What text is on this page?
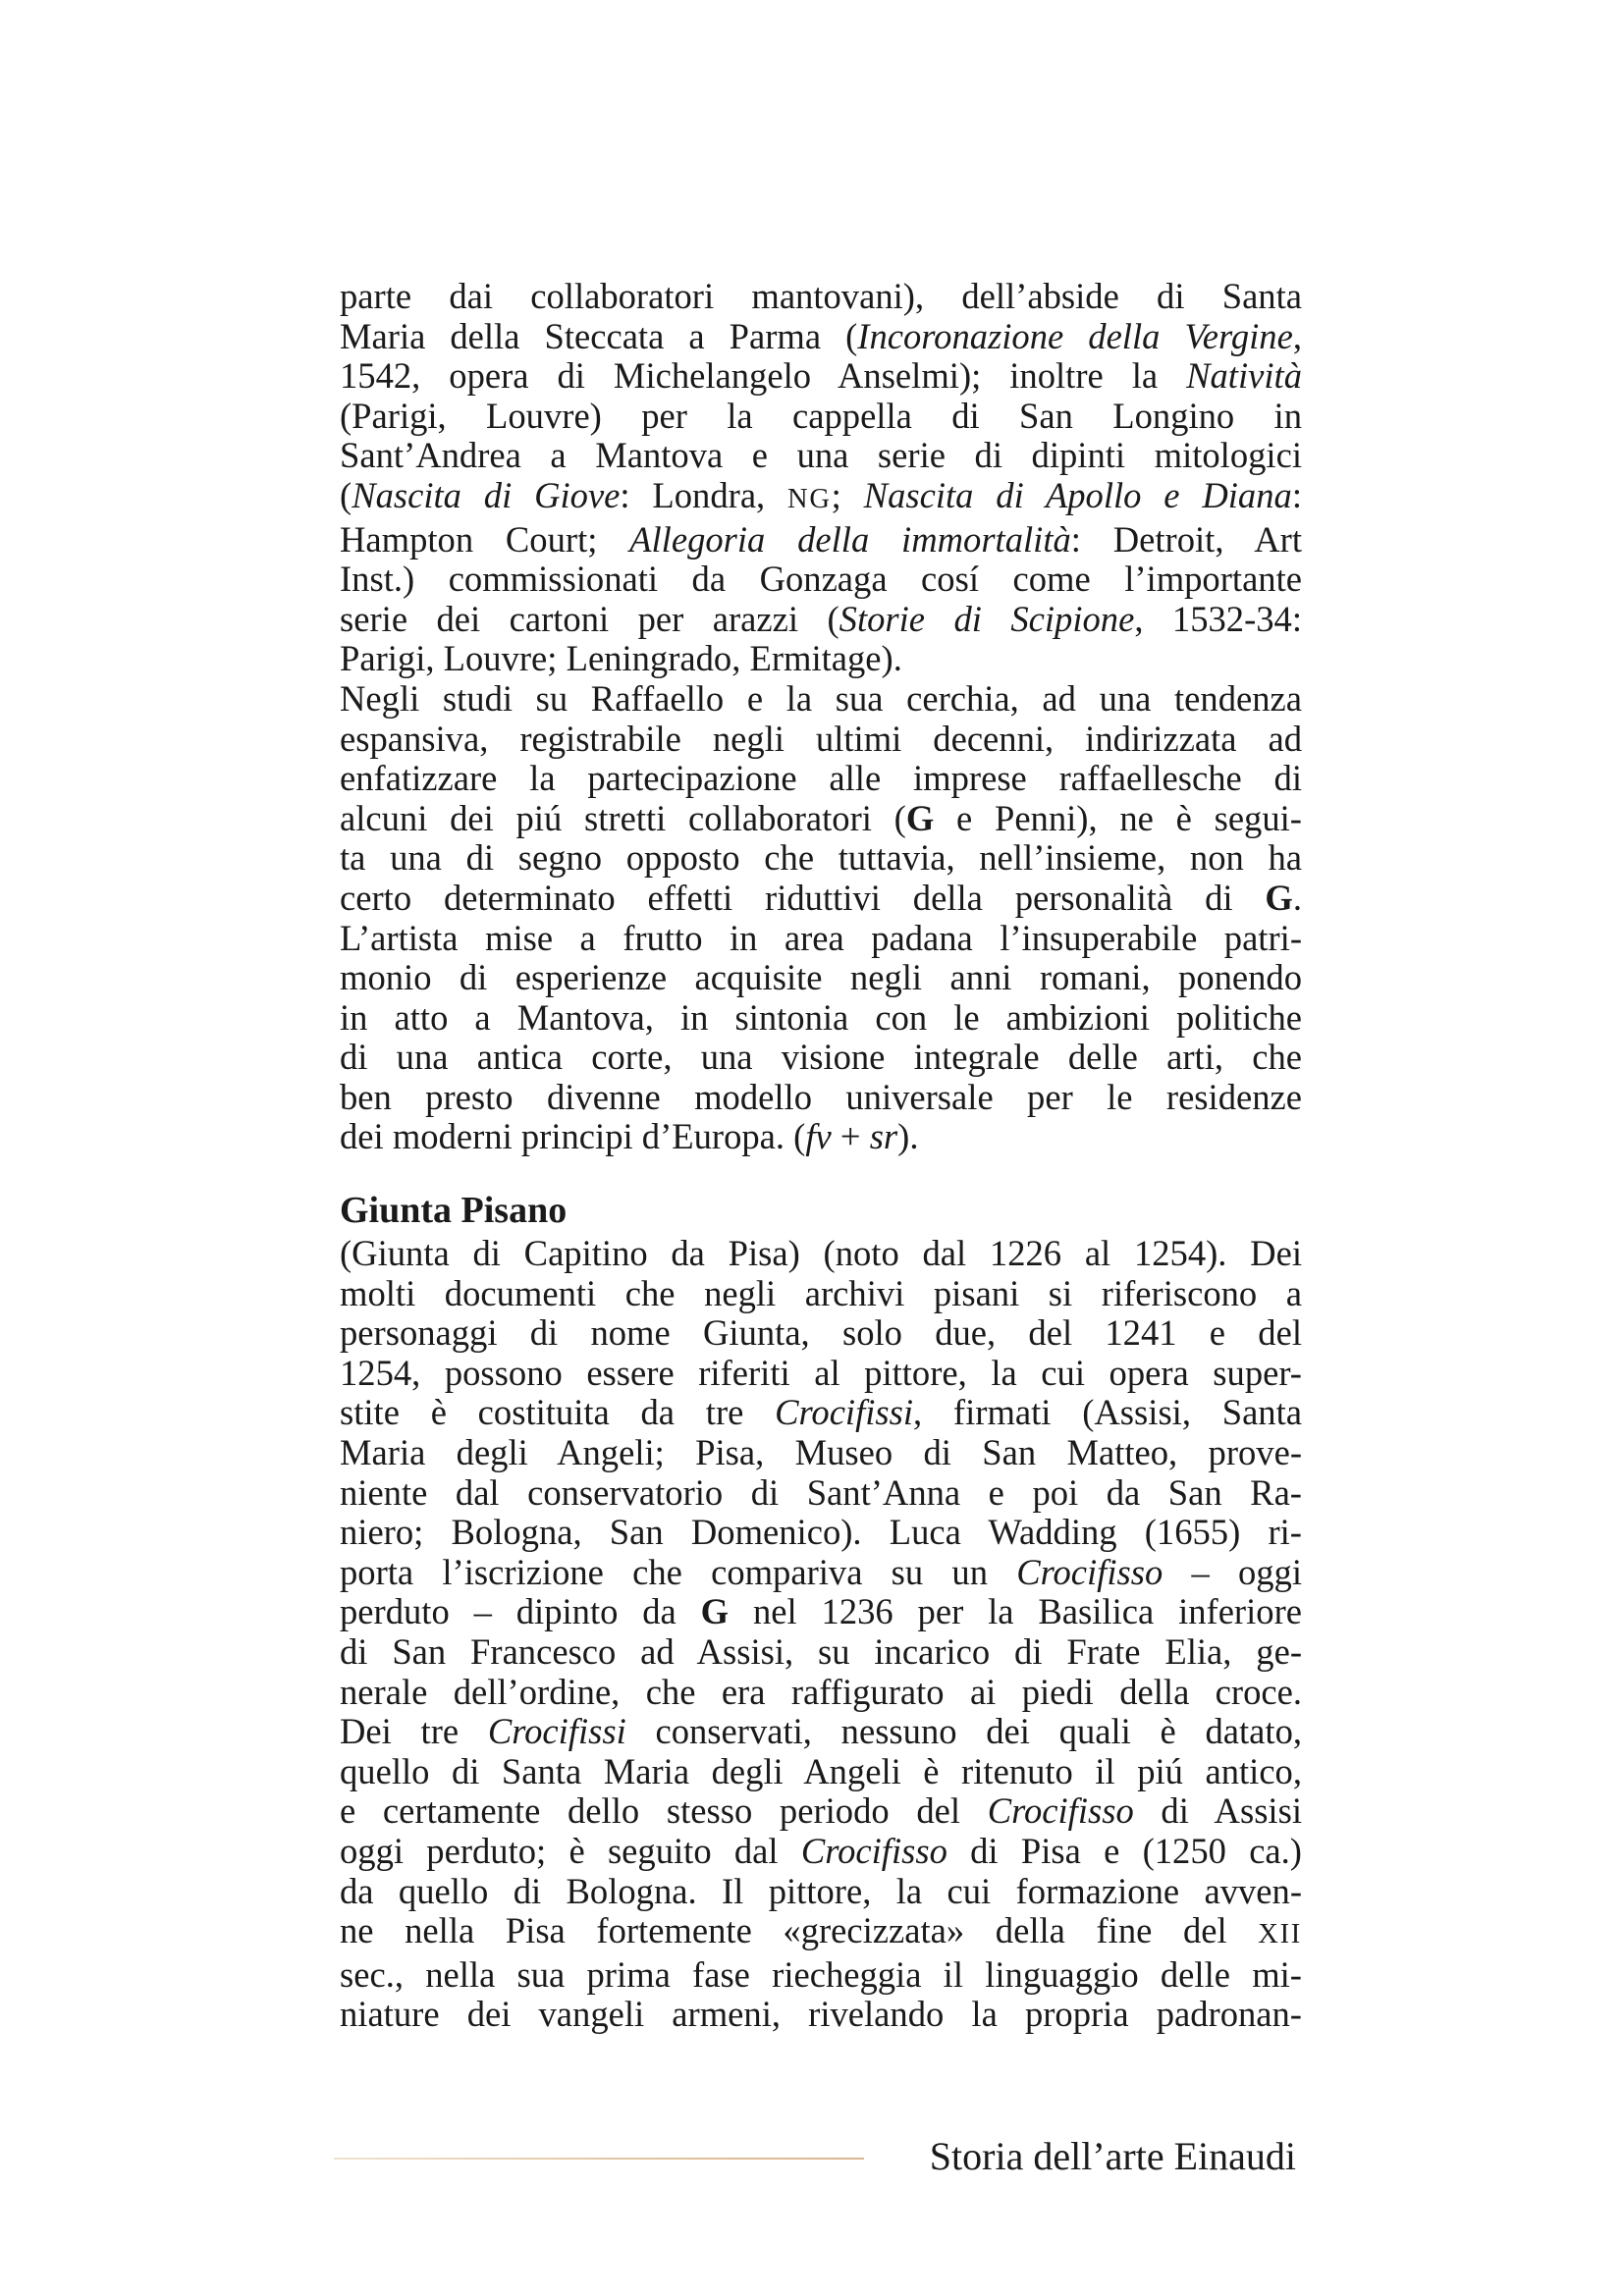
parte dai collaboratori mantovani), dell’abside di Santa
Maria della Steccata a Parma (Incoronazione della Vergine,
1542, opera di Michelangelo Anselmi); inoltre la Natività
(Parigi, Louvre) per la cappella di San Longino in
Sant’Andrea a Mantova e una serie di dipinti mitologici
(Nascita di Giove: Londra, NG; Nascita di Apollo e Diana:
Hampton Court; Allegoria della immortalità: Detroit, Art
Inst.) commissionati da Gonzaga cosí come l’importante
serie dei cartoni per arazzi (Storie di Scipione, 1532-34:
Parigi, Louvre; Leningrado, Ermitage).
Negli studi su Raffaello e la sua cerchia, ad una tendenza
espansiva, registrabile negli ultimi decenni, indirizzata ad
enfatizzare la partecipazione alle imprese raffaellesche di
alcuni dei piú stretti collaboratori (G e Penni), ne è segui-
ta una di segno opposto che tuttavia, nell’insieme, non ha
certo determinato effetti riduttivi della personalità di G.
L’artista mise a frutto in area padana l’insuperabile patri-
monio di esperienze acquisite negli anni romani, ponendo
in atto a Mantova, in sintonia con le ambizioni politiche
di una antica corte, una visione integrale delle arti, che
ben presto divenne modello universale per le residenze
dei moderni principi d’Europa. (fv + sr).
Giunta Pisano
(Giunta di Capitino da Pisa) (noto dal 1226 al 1254). Dei
molti documenti che negli archivi pisani si riferiscono a
personaggi di nome Giunta, solo due, del 1241 e del
1254, possono essere riferiti al pittore, la cui opera super-
stite è costituita da tre Crocifissi, firmati (Assisi, Santa
Maria degli Angeli; Pisa, Museo di San Matteo, prove-
niente dal conservatorio di Sant’Anna e poi da San Ra-
niero; Bologna, San Domenico). Luca Wadding (1655) ri-
porta l’iscrizione che compariva su un Crocifisso – oggi
perduto – dipinto da G nel 1236 per la Basilica inferiore
di San Francesco ad Assisi, su incarico di Frate Elia, ge-
nerale dell’ordine, che era raffigurato ai piedi della croce.
Dei tre Crocifissi conservati, nessuno dei quali è datato,
quello di Santa Maria degli Angeli è ritenuto il piú antico,
e certamente dello stesso periodo del Crocifisso di Assisi
oggi perduto; è seguito dal Crocifisso di Pisa e (1250 ca.)
da quello di Bologna. Il pittore, la cui formazione avven-
ne nella Pisa fortemente «grecizzata» della fine del XII
sec., nella sua prima fase riecheggia il linguaggio delle mi-
niature dei vangeli armeni, rivelando la propria padronan-
Storia dell’arte Einaudi
